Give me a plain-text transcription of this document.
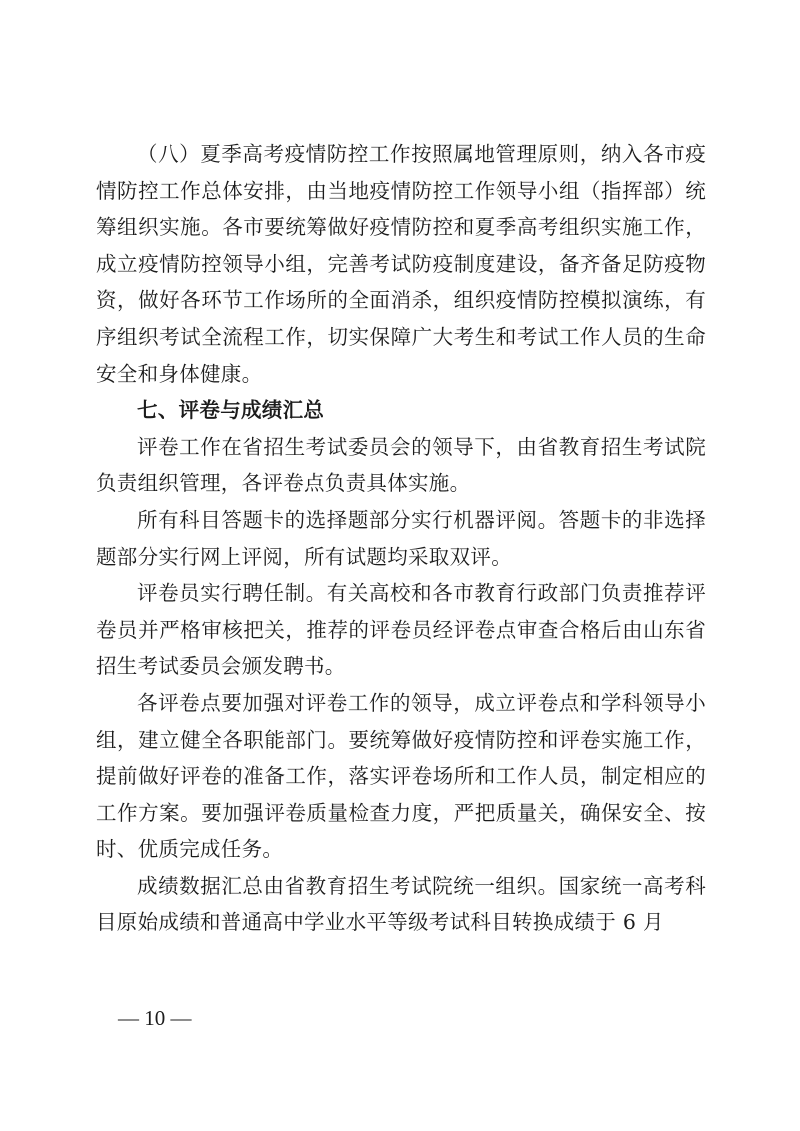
（八）夏季高考疫情防控工作按照属地管理原则，纳入各市疫情防控工作总体安排，由当地疫情防控工作领导小组（指挥部）统筹组织实施。各市要统筹做好疫情防控和夏季高考组织实施工作，成立疫情防控领导小组，完善考试防疫制度建设，备齐备足防疫物资，做好各环节工作场所的全面消杀，组织疫情防控模拟演练，有序组织考试全流程工作，切实保障广大考生和考试工作人员的生命安全和身体健康。

七、评卷与成绩汇总

评卷工作在省招生考试委员会的领导下，由省教育招生考试院负责组织管理，各评卷点负责具体实施。

所有科目答题卡的选择题部分实行机器评阅。答题卡的非选择题部分实行网上评阅，所有试题均采取双评。

评卷员实行聘任制。有关高校和各市教育行政部门负责推荐评卷员并严格审核把关，推荐的评卷员经评卷点审查合格后由山东省招生考试委员会颁发聘书。

各评卷点要加强对评卷工作的领导，成立评卷点和学科领导小组，建立健全各职能部门。要统筹做好疫情防控和评卷实施工作，提前做好评卷的准备工作，落实评卷场所和工作人员，制定相应的工作方案。要加强评卷质量检查力度，严把质量关，确保安全、按时、优质完成任务。

成绩数据汇总由省教育招生考试院统一组织。国家统一高考科目原始成绩和普通高中学业水平等级考试科目转换成绩于 6 月

— 10 —
